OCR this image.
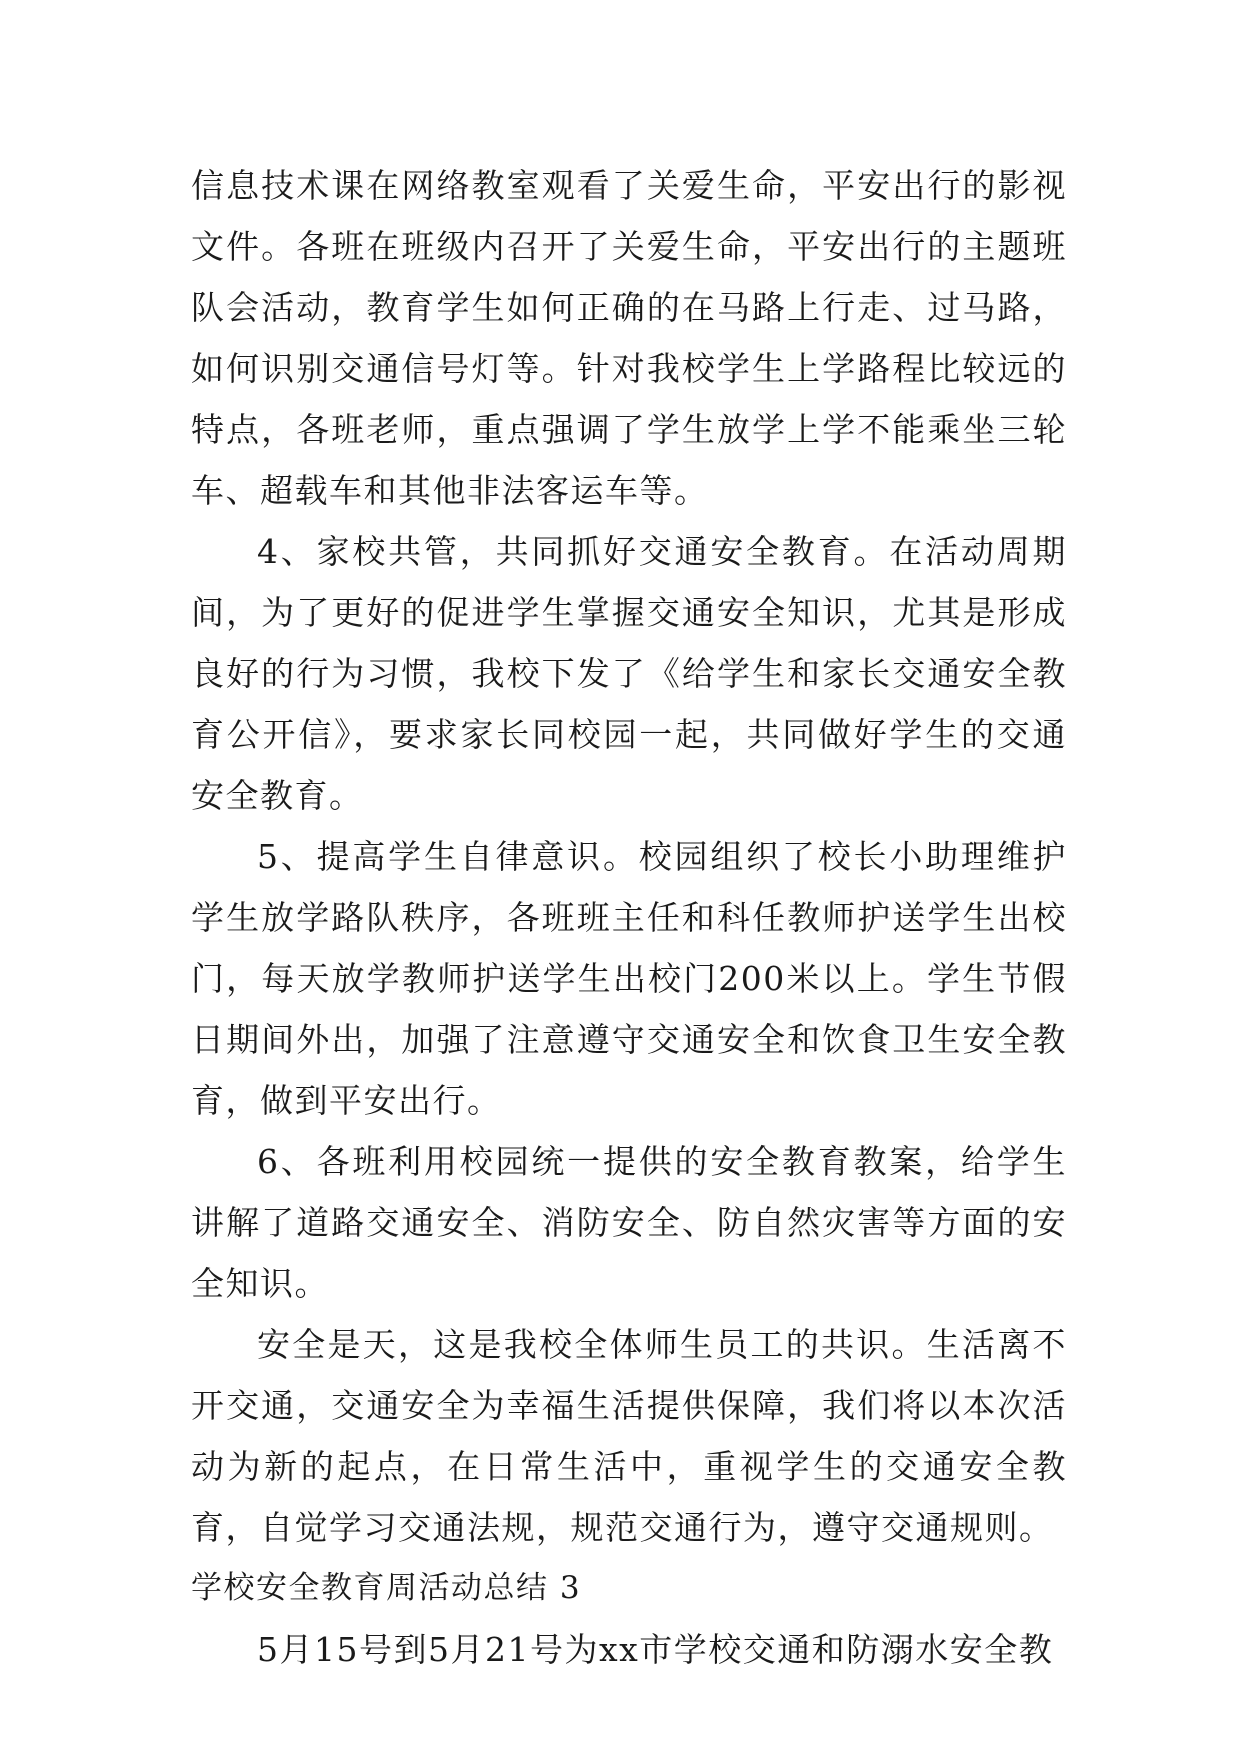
信息技术课在网络教室观看了关爱生命，平安出行的影视文件。各班在班级内召开了关爱生命，平安出行的主题班队会活动，教育学生如何正确的在马路上行走、过马路，如何识别交通信号灯等。针对我校学生上学路程比较远的特点，各班老师，重点强调了学生放学上学不能乘坐三轮车、超载车和其他非法客运车等。

4、家校共管，共同抓好交通安全教育。在活动周期间，为了更好的促进学生掌握交通安全知识，尤其是形成良好的行为习惯，我校下发了《给学生和家长交通安全教育公开信》，要求家长同校园一起，共同做好学生的交通安全教育。

5、提高学生自律意识。校园组织了校长小助理维护学生放学路队秩序，各班班主任和科任教师护送学生出校门，每天放学教师护送学生出校门200米以上。学生节假日期间外出，加强了注意遵守交通安全和饮食卫生安全教育，做到平安出行。

6、各班利用校园统一提供的安全教育教案，给学生讲解了道路交通安全、消防安全、防自然灾害等方面的安全知识。

安全是天，这是我校全体师生员工的共识。生活离不开交通，交通安全为幸福生活提供保障，我们将以本次活动为新的起点，在日常生活中，重视学生的交通安全教育，自觉学习交通法规，规范交通行为，遵守交通规则。

学校安全教育周活动总结 3

5月15号到5月21号为xx市学校交通和防溺水安全教
